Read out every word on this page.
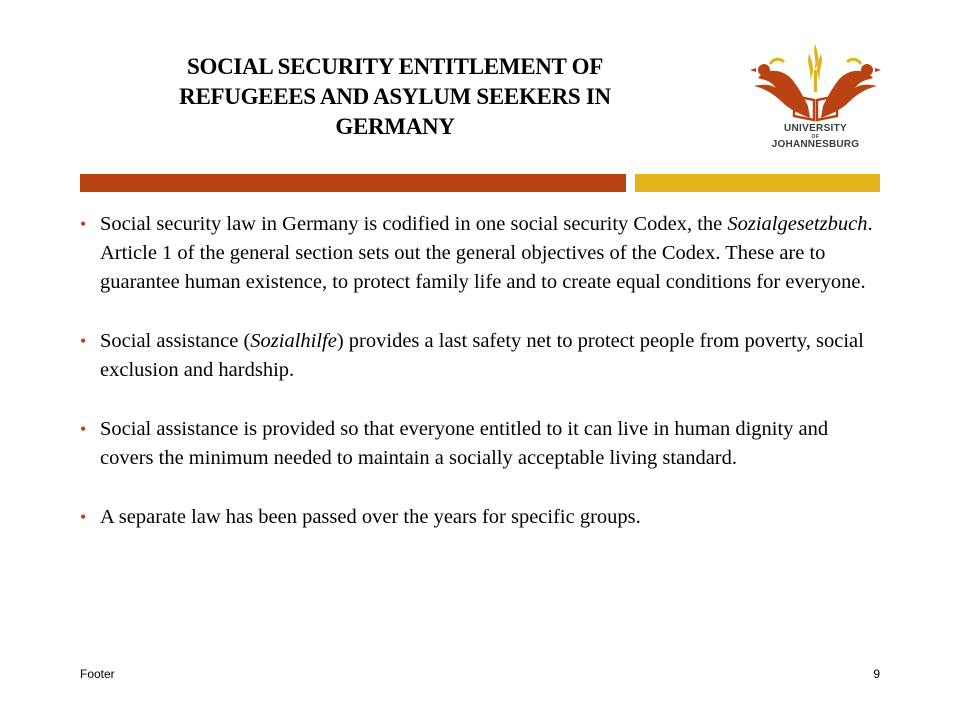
SOCIAL SECURITY ENTITLEMENT OF REFUGEEES AND ASYLUM SEEKERS IN GERMANY	UNIVERSITY
OF
JOHANNESBURG
• Social security law in Germany is codified in one social security Codex, the Sozialgesetzbuch. Article 1 of the general section sets out the general objectives of the Codex. These are to guarantee human existence, to protect family life and to create equal conditions for everyone.
• Social assistance (Sozialhilfe) provides a last safety net to protect people from poverty, social exclusion and hardship.
• Social assistance is provided so that everyone entitled to it can live in human dignity and covers the minimum needed to maintain a socially acceptable living standard.
• A separate law has been passed over the years for specific groups.
Footer	9
